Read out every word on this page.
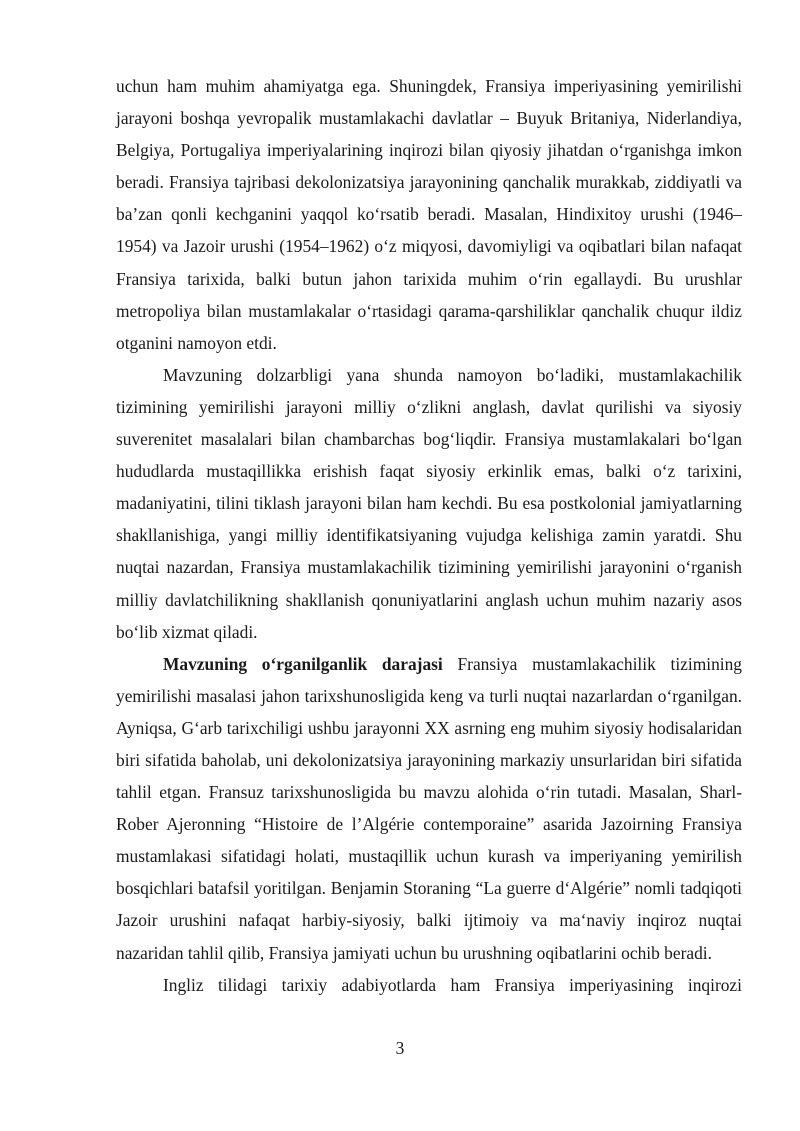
uchun ham muhim ahamiyatga ega. Shuningdek, Fransiya imperiyasining yemirilishi jarayoni boshqa yevropalik mustamlakachi davlatlar – Buyuk Britaniya, Niderlandiya, Belgiya, Portugaliya imperiyalarining inqirozi bilan qiyosiy jihatdan oʻrganishga imkon beradi. Fransiya tajribasi dekolonizatsiya jarayonining qanchalik murakkab, ziddiyatli va baʼzan qonli kechganini yaqqol koʻrsatib beradi. Masalan, Hindixitoy urushi (1946–1954) va Jazoir urushi (1954–1962) oʻz miqyosi, davomiyligi va oqibatlari bilan nafaqat Fransiya tarixida, balki butun jahon tarixida muhim oʻrin egallaydi. Bu urushlar metropoliya bilan mustamlakalar oʻrtasidagi qarama-qarshiliklar qanchalik chuqur ildiz otganini namoyon etdi.

Mavzuning dolzarbligi yana shunda namoyon boʻladiki, mustamlakachilik tizimining yemirilishi jarayoni milliy oʻzlikni anglash, davlat qurilishi va siyosiy suverenitet masalalari bilan chambarchas bogʻliqdir. Fransiya mustamlakalari boʻlgan hududlarda mustaqillikka erishish faqat siyosiy erkinlik emas, balki oʻz tarixini, madaniyatini, tilini tiklash jarayoni bilan ham kechdi. Bu esa postkolonial jamiyatlarning shakllanishiga, yangi milliy identifikatsiyaning vujudga kelishiga zamin yaratdi. Shu nuqtai nazardan, Fransiya mustamlakachilik tizimining yemirilishi jarayonini oʻrganish milliy davlatchilikning shakllanish qonuniyatlarini anglash uchun muhim nazariy asos boʻlib xizmat qiladi.

Mavzuning oʻrganilganlik darajasi Fransiya mustamlakachilik tizimining yemirilishi masalasi jahon tarixshunosligida keng va turli nuqtai nazarlardan oʻrganilgan. Ayniqsa, Gʻarb tarixchiligi ushbu jarayonni XX asrning eng muhim siyosiy hodisalaridan biri sifatida baholab, uni dekolonizatsiya jarayonining markaziy unsurlaridan biri sifatida tahlil etgan. Fransuz tarixshunosligida bu mavzu alohida oʻrin tutadi. Masalan, Sharl-Rober Ajeronning “Histoire de l’Algérie contemporaine” asarida Jazoirning Fransiya mustamlakasi sifatidagi holati, mustaqillik uchun kurash va imperiyaning yemirilish bosqichlari batafsil yoritilgan. Benjamin Storaning “La guerre dʻAlgérie” nomli tadqiqoti Jazoir urushini nafaqat harbiy-siyosiy, balki ijtimoiy va maʻnaviy inqiroz nuqtai nazaridan tahlil qilib, Fransiya jamiyati uchun bu urushning oqibatlarini ochib beradi.

Ingliz tilidagi tarixiy adabiyotlarda ham Fransiya imperiyasining inqirozi

3
